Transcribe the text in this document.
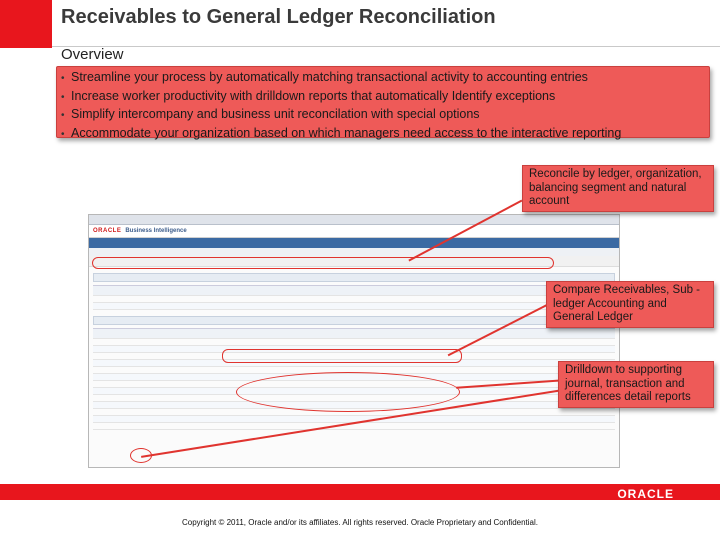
Receivables to General Ledger Reconciliation
Overview
• Streamline your process by automatically matching transactional activity to accounting entries
• Increase worker productivity with drilldown reports that automatically Identify exceptions
• Simplify intercompany and business unit reconcilation with special options
• Accommodate your organization based on which managers need access to the interactive reporting
ORACLE Business Intelligence
Reconcile by ledger, organization, balancing segment and natural account
Compare Receivables, Sub -ledger Accounting and General Ledger
Drilldown to supporting journal, transaction and differences detail reports
ORACLE
Copyright © 2011, Oracle and/or its affiliates. All rights reserved. Oracle Proprietary and Confidential.
